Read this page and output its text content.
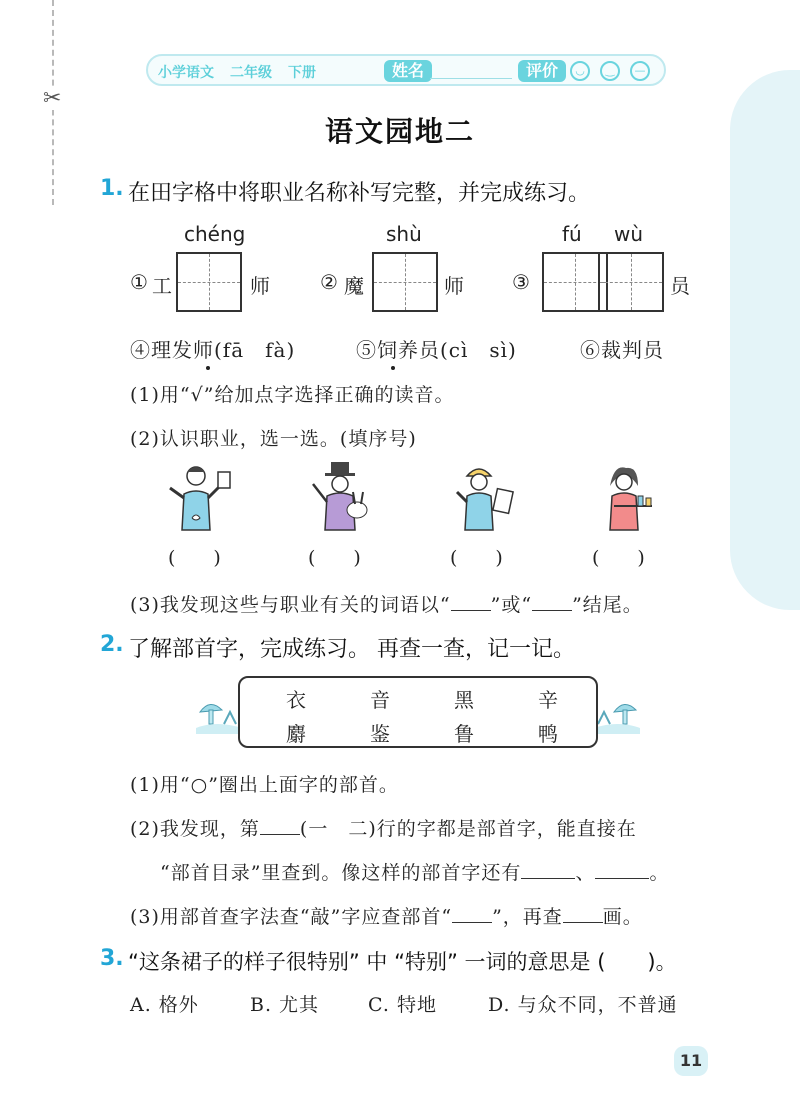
✂
小学语文 二年级 下册	姓名	评价	◡	‿	—
语文园地二
1. 在田字格中将职业名称补写完整，并完成练习。
chéng	shù	fú wù
① 工	师 ② 魔	师 ③	员
④理发师(fā　fà)	⑤饲养员(cì　sì)	⑥裁判员
(1)用“√”给加点字选择正确的读音。
(2)认识职业，选一选。(填序号)
(　　)	(　　)	(　　)	(　　)
(3)我发现这些与职业有关的词语以“ ”或“ ”结尾。
2. 了解部首字，完成练习。 再查一查，记一记。
衣	音	黑	辛
麝	鉴	鲁	鸭
(1)用“○”圈出上面字的部首。
(2)我发现，第 (一　二)行的字都是部首字，能直接在
“部首目录”里查到。像这样的部首字还有	、	。
(3)用部首查字法查“敲”字应查部首“ ”，再查 画。
3. “这条裙子的样子很特别” 中 “特别” 一词的意思是 (　　)。
A. 格外	B. 尤其	C. 特地	D. 与众不同，不普通
11
